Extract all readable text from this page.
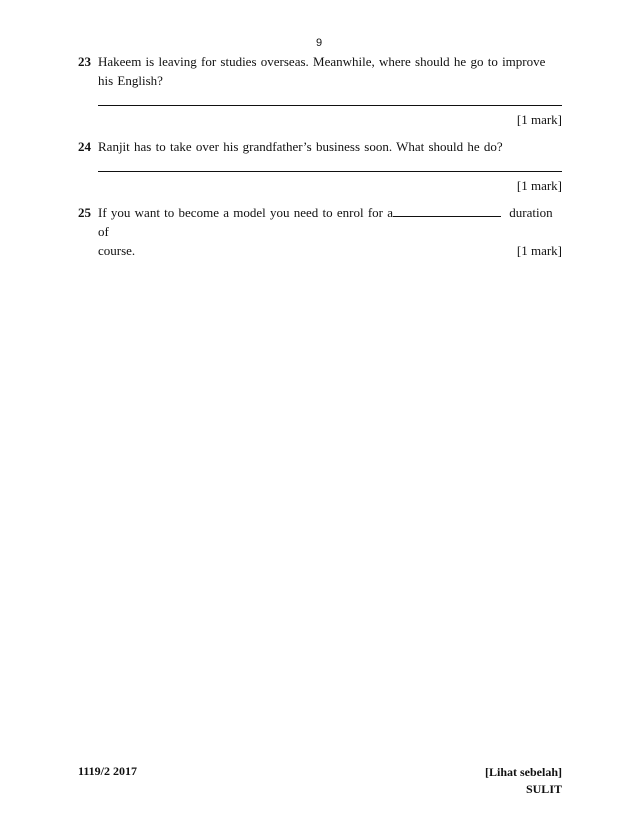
9
23 Hakeem is leaving for studies overseas. Meanwhile, where should he go to improve his English?
[1 mark]
24 Ranjit has to take over his grandfather’s business soon. What should he do?
[1 mark]
25 If you want to become a model you need to enrol for a	duration of
course.	[1 mark]
1119/2 2017	[Lihat sebelah]
SULIT
